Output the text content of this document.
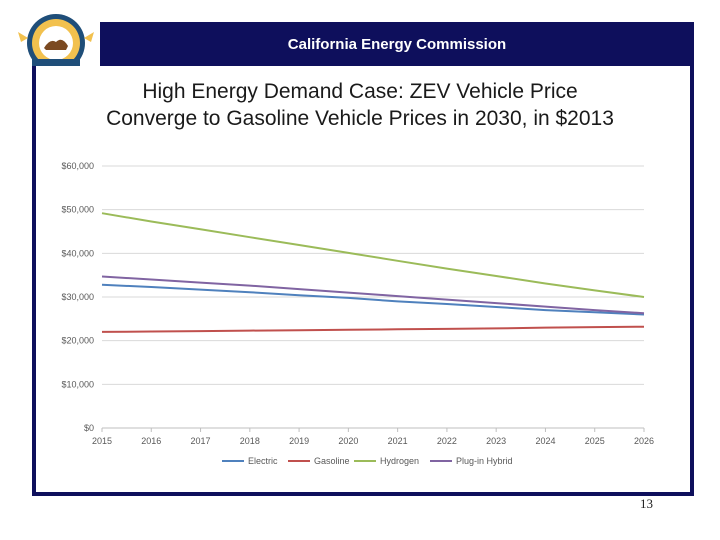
California Energy Commission
High Energy Demand Case: ZEV Vehicle Price
Converge to Gasoline Vehicle Prices in 2030, in $2013
$0
$10,000
$20,000
$30,000
$40,000
$50,000
$60,000
2015	2016	2017	2018	2019	2020	2021	2022	2023	2024	2025	2026
Electric	Gasoline	Hydrogen	Plug-in Hybrid
13
